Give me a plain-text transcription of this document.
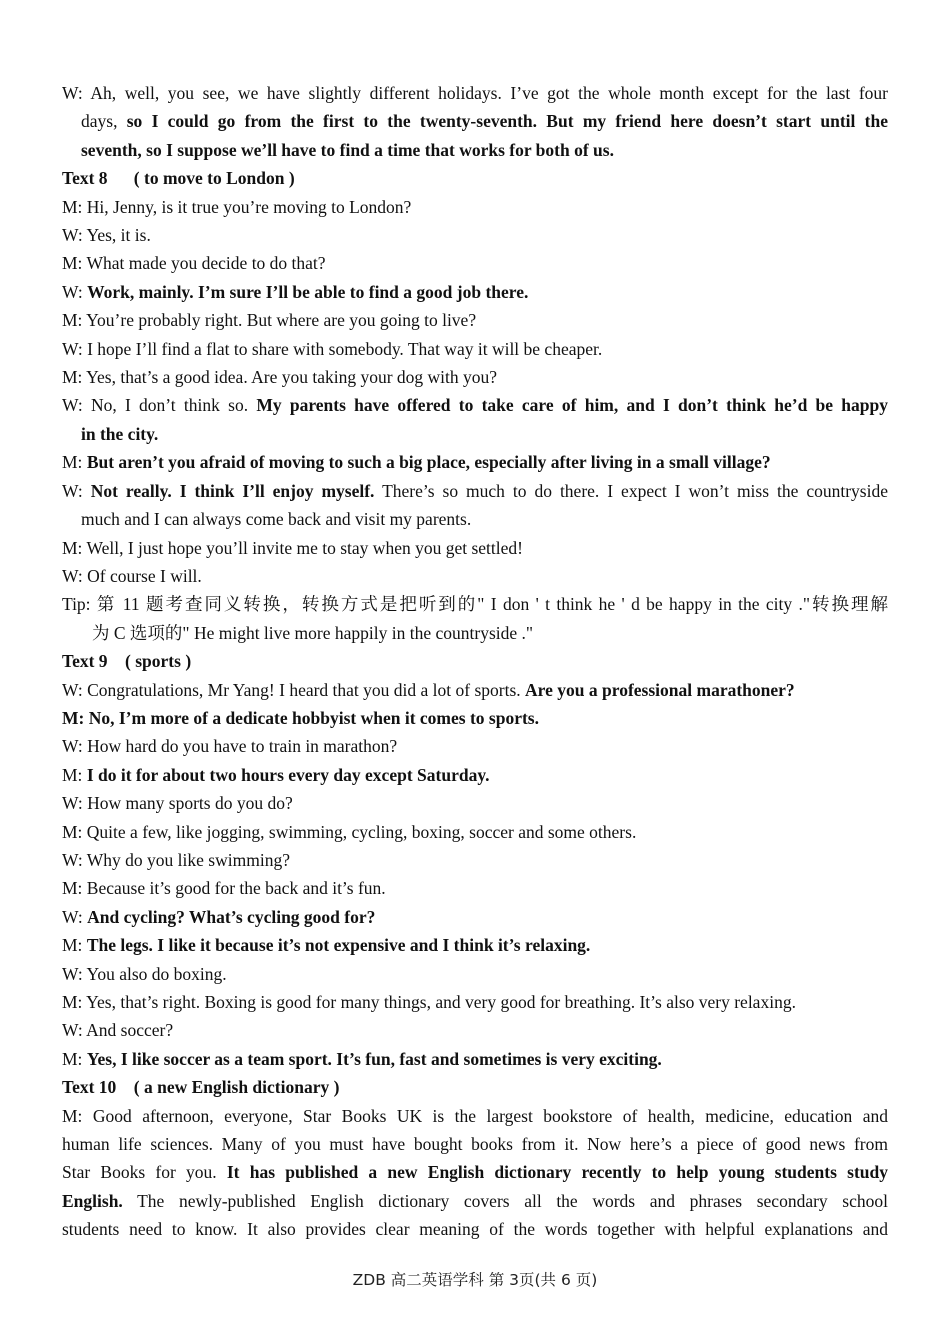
W: Ah, well, you see, we have slightly different holidays. I’ve got the whole month except for the last four
days, so I could go from the first to the twenty-seventh. But my friend here doesn’t start until the
seventh, so I suppose we’ll have to find a time that works for both of us.
Text 8 ( to move to London )
M: Hi, Jenny, is it true you’re moving to London?
W: Yes, it is.
M: What made you decide to do that?
W: Work, mainly. I’m sure I’ll be able to find a good job there.
M: You’re probably right. But where are you going to live?
W: I hope I’ll find a flat to share with somebody. That way it will be cheaper.
M: Yes, that’s a good idea. Are you taking your dog with you?
W: No, I don’t think so. My parents have offered to take care of him, and I don’t think he’d be happy
in the city.
M: But aren’t you afraid of moving to such a big place, especially after living in a small village?
W: Not really. I think I’ll enjoy myself. There’s so much to do there. I expect I won’t miss the countryside
much and I can always come back and visit my parents.
M: Well, I just hope you’ll invite me to stay when you get settled!
W: Of course I will.
Tip: 第 11 题考查同义转换，转换方式是把听到的" I don ' t think he ' d be happy in the city ."转换理解
为 C 选项的" He might live more happily in the countryside ."
Text 9 ( sports )
W: Congratulations, Mr Yang! I heard that you did a lot of sports. Are you a professional marathoner?
M: No, I’m more of a dedicate hobbyist when it comes to sports.
W: How hard do you have to train in marathon?
M: I do it for about two hours every day except Saturday.
W: How many sports do you do?
M: Quite a few, like jogging, swimming, cycling, boxing, soccer and some others.
W: Why do you like swimming?
M: Because it’s good for the back and it’s fun.
W: And cycling? What’s cycling good for?
M: The legs. I like it because it’s not expensive and I think it’s relaxing.
W: You also do boxing.
M: Yes, that’s right. Boxing is good for many things, and very good for breathing. It’s also very relaxing.
W: And soccer?
M: Yes, I like soccer as a team sport. It’s fun, fast and sometimes is very exciting.
Text 10 ( a new English dictionary )
M: Good afternoon, everyone, Star Books UK is the largest bookstore of health, medicine, education and
human life sciences. Many of you must have bought books from it. Now here’s a piece of good news from
Star Books for you. It has published a new English dictionary recently to help young students study
English. The newly-published English dictionary covers all the words and phrases secondary school
students need to know. It also provides clear meaning of the words together with helpful explanations and
ZDB 高二英语学科 第 3页(共 6 页)
